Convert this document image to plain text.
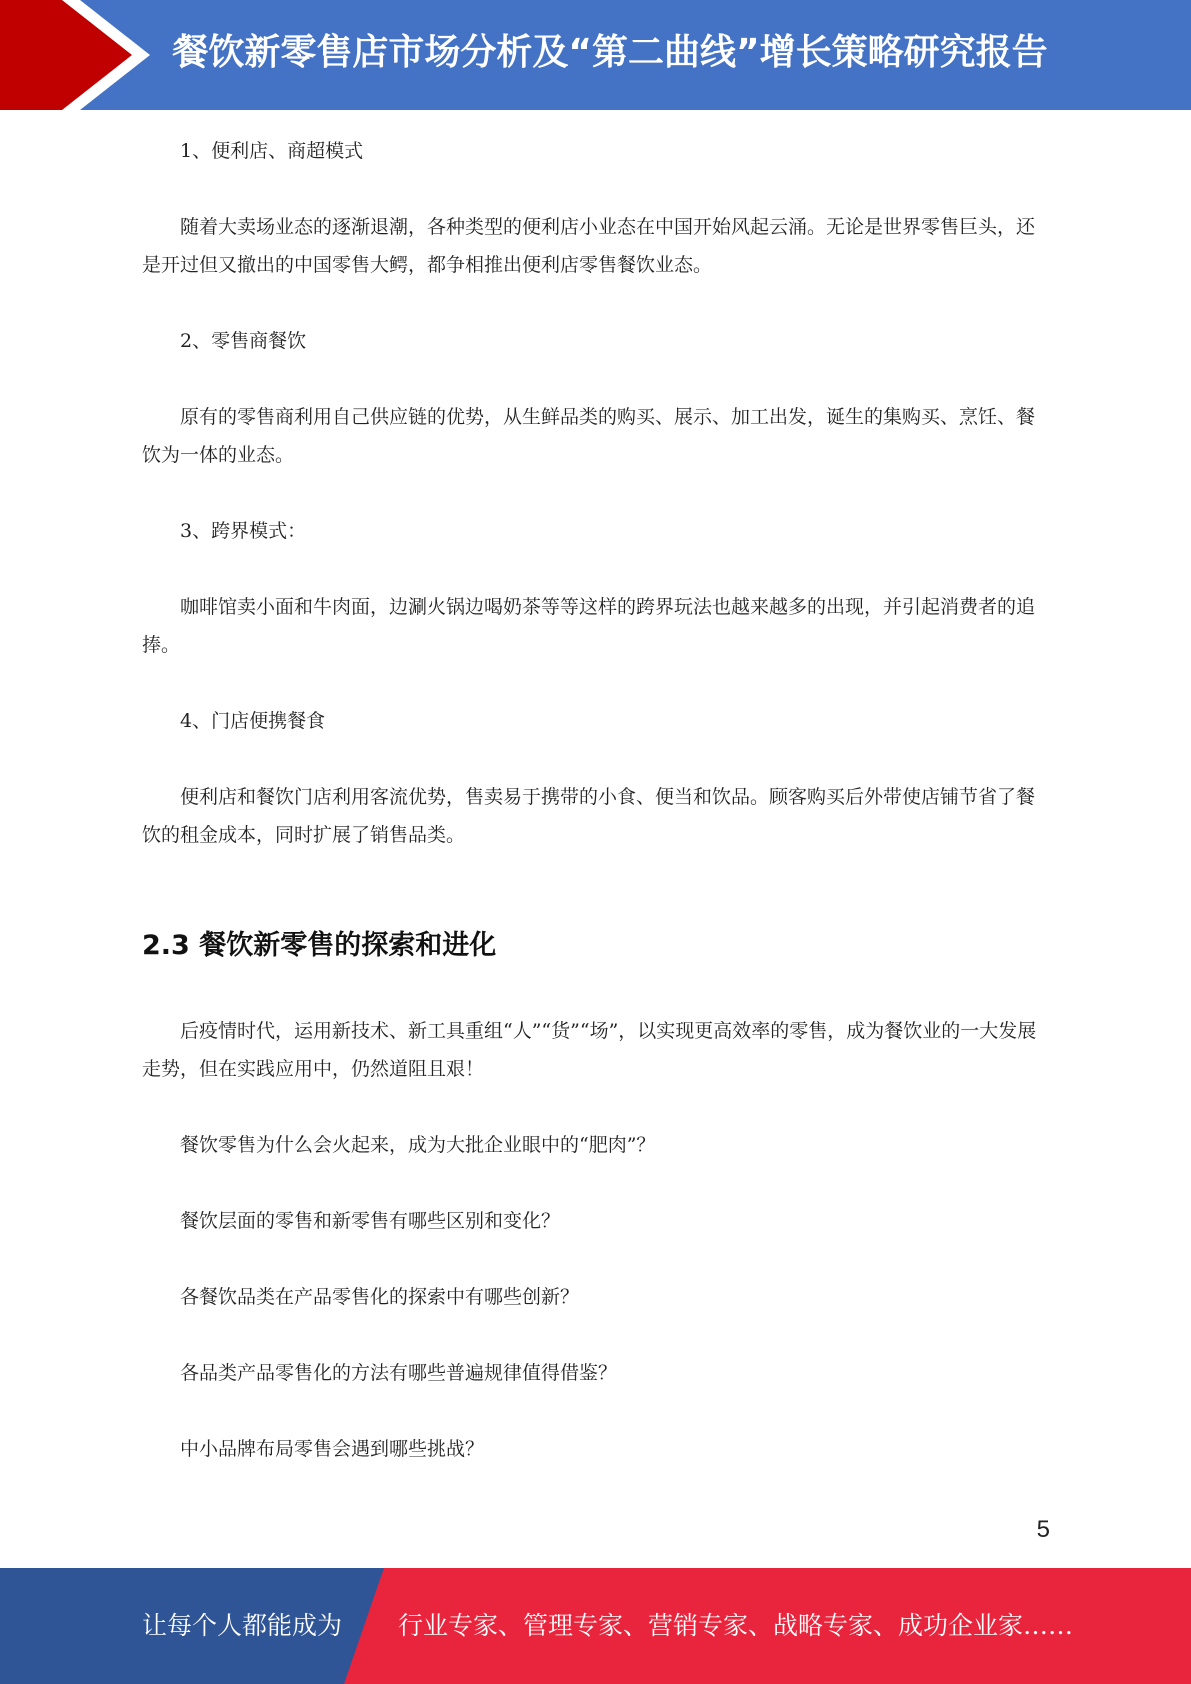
餐饮新零售店市场分析及“第二曲线”增长策略研究报告

1、便利店、商超模式

随着大卖场业态的逐渐退潮，各种类型的便利店小业态在中国开始风起云涌。无论是世界零售巨头，还是开过但又撤出的中国零售大鳄，都争相推出便利店零售餐饮业态。

2、零售商餐饮

原有的零售商利用自己供应链的优势，从生鲜品类的购买、展示、加工出发，诞生的集购买、烹饪、餐饮为一体的业态。

3、跨界模式：

咖啡馆卖小面和牛肉面，边涮火锅边喝奶茶等等这样的跨界玩法也越来越多的出现，并引起消费者的追捧。

4、门店便携餐食

便利店和餐饮门店利用客流优势，售卖易于携带的小食、便当和饮品。顾客购买后外带使店铺节省了餐饮的租金成本，同时扩展了销售品类。

2.3 餐饮新零售的探索和进化

后疫情时代，运用新技术、新工具重组“人”“货”“场”，以实现更高效率的零售，成为餐饮业的一大发展走势，但在实践应用中，仍然道阻且艰！

餐饮零售为什么会火起来，成为大批企业眼中的“肥肉”？

餐饮层面的零售和新零售有哪些区别和变化？

各餐饮品类在产品零售化的探索中有哪些创新？

各品类产品零售化的方法有哪些普遍规律值得借鉴？

中小品牌布局零售会遇到哪些挑战？

5
让每个人都能成为 行业专家、管理专家、营销专家、战略专家、成功企业家……
